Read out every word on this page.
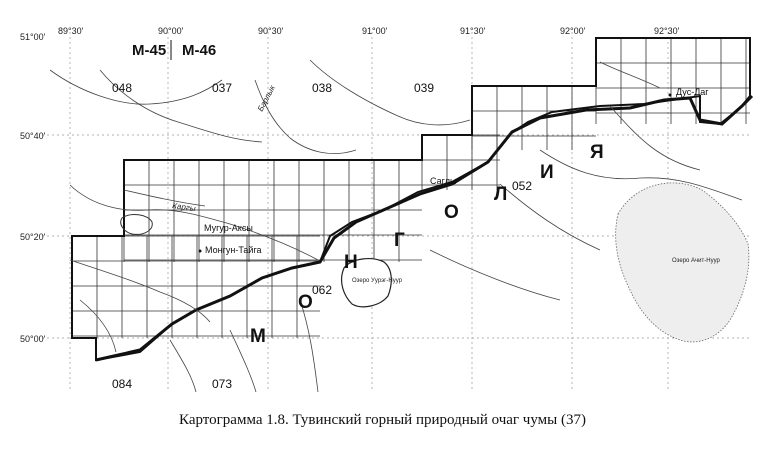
89°30'	90°00'	90°30'	91°00'	91°30'	92°00'	92°30'
51°00'
50°40'
50°20'
50°00'
M-45 M-46
048	037	038	039
052
062
084	073
М
О
Н
Г
О
Л
И
Я
Дус-Даг
Саглы
Мугур-Аксы
Монгун-Тайга
Каргы
Барлык
Озеро Уурэг-Нуур
Озеро Ачит-Нуур
Картограмма 1.8. Тувинский горный природный очаг чумы (37)
